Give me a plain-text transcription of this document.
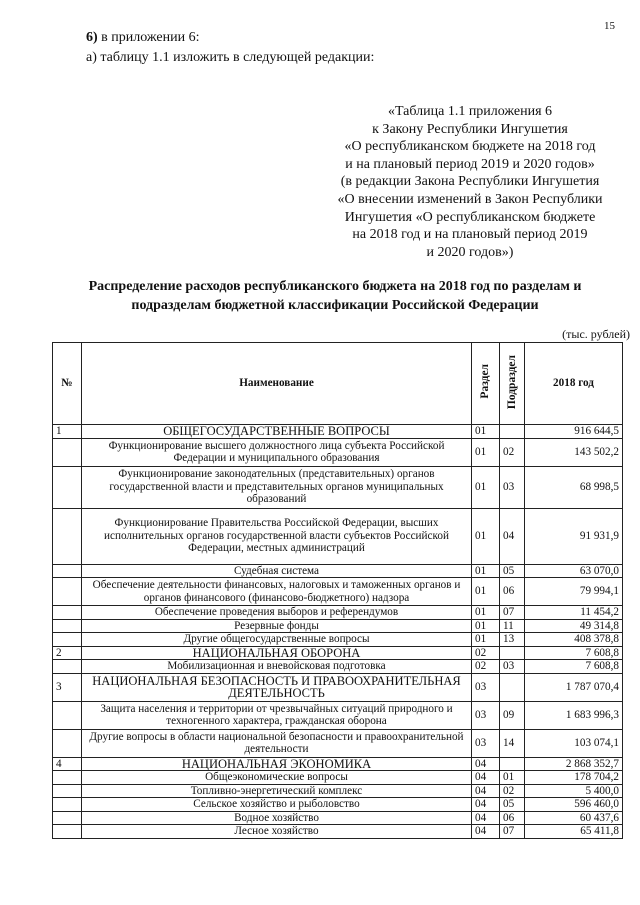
15
6) в приложении 6:
а) таблицу 1.1 изложить в следующей редакции:
«Таблица 1.1 приложения 6
к Закону Республики Ингушетия
«О республиканском бюджете на 2018 год
и на плановый период 2019 и 2020 годов»
(в редакции Закона Республики Ингушетия
«О внесении изменений в Закон Республики
Ингушетия «О республиканском бюджете
на 2018 год и на плановый период 2019
и 2020 годов»)
Распределение расходов республиканского бюджета на 2018 год по разделам и
подразделам бюджетной классификации Российской Федерации
(тыс. рублей)
№	Наименование	Раздел	Подраздел	2018 год
1	ОБЩЕГОСУДАРСТВЕННЫЕ ВОПРОСЫ	01		916 644,5
	Функционирование высшего должностного лица субъекта Российской Федерации и муниципального образования	01	02	143 502,2
	Функционирование законодательных (представительных) органов государственной власти и представительных органов муниципальных образований	01	03	68 998,5
	Функционирование Правительства Российской Федерации, высших исполнительных органов государственной власти субъектов Российской Федерации, местных администраций	01	04	91 931,9
	Судебная система	01	05	63 070,0
	Обеспечение деятельности финансовых, налоговых и таможенных органов и органов финансового (финансово-бюджетного) надзора	01	06	79 994,1
	Обеспечение проведения выборов и референдумов	01	07	11 454,2
	Резервные фонды	01	11	49 314,8
	Другие общегосударственные вопросы	01	13	408 378,8
2	НАЦИОНАЛЬНАЯ ОБОРОНА	02		7 608,8
	Мобилизационная и вневойсковая подготовка	02	03	7 608,8
3	НАЦИОНАЛЬНАЯ БЕЗОПАСНОСТЬ И ПРАВООХРАНИТЕЛЬНАЯ ДЕЯТЕЛЬНОСТЬ	03		1 787 070,4
	Защита населения и территории от чрезвычайных ситуаций природного и техногенного характера, гражданская оборона	03	09	1 683 996,3
	Другие вопросы в области национальной безопасности и правоохранительной деятельности	03	14	103 074,1
4	НАЦИОНАЛЬНАЯ ЭКОНОМИКА	04		2 868 352,7
	Общеэкономические вопросы	04	01	178 704,2
	Топливно-энергетический комплекс	04	02	5 400,0
	Сельское хозяйство и рыболовство	04	05	596 460,0
	Водное хозяйство	04	06	60 437,6
	Лесное хозяйство	04	07	65 411,8
